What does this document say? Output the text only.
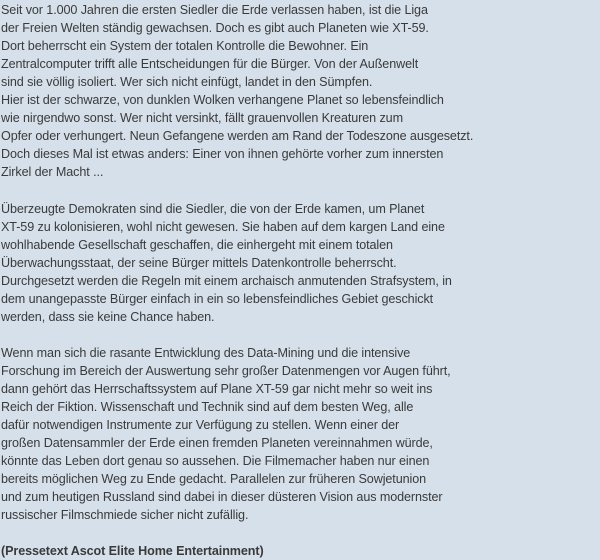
Seit vor 1.000 Jahren die ersten Siedler die Erde verlassen haben, ist die Liga
der Freien Welten ständig gewachsen. Doch es gibt auch Planeten wie XT-59.
Dort beherrscht ein System der totalen Kontrolle die Bewohner. Ein
Zentralcomputer trifft alle Entscheidungen für die Bürger. Von der Außenwelt
sind sie völlig isoliert. Wer sich nicht einfügt, landet in den Sümpfen.
Hier ist der schwarze, von dunklen Wolken verhangene Planet so lebensfeindlich
wie nirgendwo sonst. Wer nicht versinkt, fällt grauenvollen Kreaturen zum
Opfer oder verhungert. Neun Gefangene werden am Rand der Todeszone ausgesetzt.
Doch dieses Mal ist etwas anders: Einer von ihnen gehörte vorher zum innersten
Zirkel der Macht ...

Überzeugte Demokraten sind die Siedler, die von der Erde kamen, um Planet
XT-59 zu kolonisieren, wohl nicht gewesen. Sie haben auf dem kargen Land eine
wohlhabende Gesellschaft geschaffen, die einhergeht mit einem totalen
Überwachungsstaat, der seine Bürger mittels Datenkontrolle beherrscht.
Durchgesetzt werden die Regeln mit einem archaisch anmutenden Strafsystem, in
dem unangepasste Bürger einfach in ein so lebensfeindliches Gebiet geschickt
werden, dass sie keine Chance haben.

Wenn man sich die rasante Entwicklung des Data-Mining und die intensive
Forschung im Bereich der Auswertung sehr großer Datenmengen vor Augen führt,
dann gehört das Herrschaftssystem auf Plane XT-59 gar nicht mehr so weit ins
Reich der Fiktion. Wissenschaft und Technik sind auf dem besten Weg, alle
dafür notwendigen Instrumente zur Verfügung zu stellen. Wenn einer der
großen Datensammler der Erde einen fremden Planeten vereinnahmen würde,
könnte das Leben dort genau so aussehen. Die Filmemacher haben nur einen
bereits möglichen Weg zu Ende gedacht. Parallelen zur früheren Sowjetunion
und zum heutigen Russland sind dabei in dieser düsteren Vision aus modernster
russischer Filmschmiede sicher nicht zufällig.

(Pressetext Ascot Elite Home Entertainment)
